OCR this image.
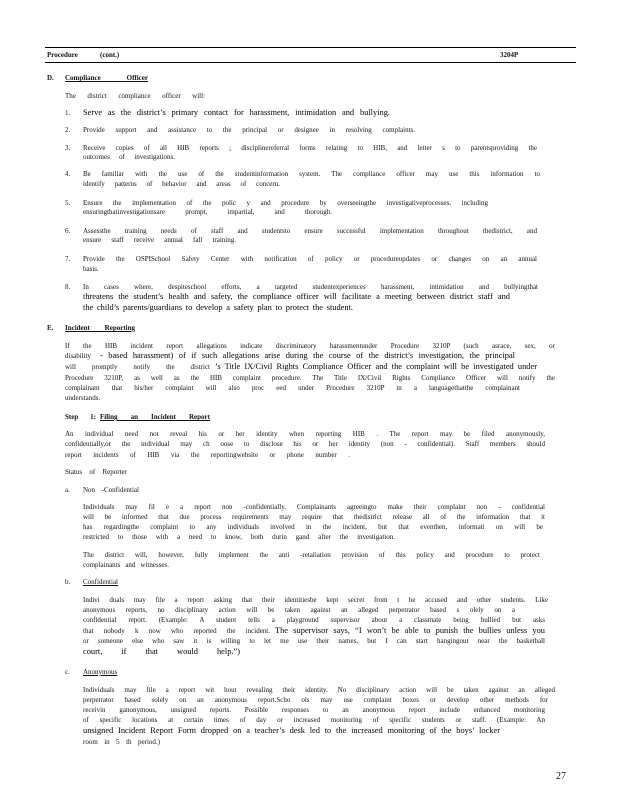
Procedure	(cont.)	3204P
D. Compliance Officer
The district compliance officer will:
1. Serve as the district’s primary contact for harassment, intimidation and bullying.
2. Provide support and assistance to the principal or designee in resolving complaints.
3. Receive copies of all HIB reports ; disciplinereferral forms relating to HIB, and letter s to parentsproviding the
outcomes of investigations.
4. Be familiar with the use of the studentinformation system. The compliance officer may use this information to
identify patterns of behavior and areas of concern.
5. Ensure the implementation of the polic y and procedure by overseeingthe investigativeprocesses, including
ensuringthatinvestigationsare prompt, impartial, and thorough.
6. Assessthe training needs of staff and studentsto ensure successful implementation throughout thedistrict, and
ensure staff receive annual fall training.
7. Provide the OSPISchool Safety Center with notification of policy or procedureupdates or changes on an annual
basis.
8. In cases where, despiteschool efforts, a targeted studentexperiences harassment, intimidation and bullyingthat
threatens the student’s health and safety, the compliance officer will facilitate a meeting between district staff and
the child’s parents/guardians to develop a safety plan to protect the student.
E. Incident Reporting
If the HIB incident report allegations indicate discriminatory harassmentunder Procedure 3210P (such asrace, sex, or
disability	- based harassment) of if such allegations arise during the course of the district’s investigation, the principal
will promptly notify the district ’s Title IX/Civil Rights Compliance Officer and the complaint will be investigated under
Procedure 3210P, as well as the HIB complaint procedure. The Title IX/Civil Rights Compliance Officer will notify the
complainant that his/her complaint will also proc eed under Procedure 3210P in a languagethatthe complainant
understands.
Step 1: Filing an Incident Report
An individual need not reveal his or her identity when reporting HIB . The report may be filed anonymously,
confidentially,or the individual may ch oose to disclose his or her identity (non - confidential). Staff members should
report incidents of HIB via the reportingwebsite or phone number .
Status of Reporter
a. Non -Confidential
Individuals may fil e a report non -confidentially. Complainants agreeingto make their complaint non - confidential
will be informed that due process requirements may require that thedistrict release all of the information that it
has regardingthe complaint to any individuals involved in the incident, but that eventhen, informati on will be
restricted to those with a need to know, both durin gand after the investigation.
The district will, however, fully implement the anti -retaliation provision of this policy and procedure to protect
complainants and witnesses.
b. Confidential
Indivi duals may file a report asking that their identitiesbe kept secret from t he accused and other students. Like
anonymous reports, no disciplinary action will be taken against an alleged perpetrator based s olely on a
confidential report. (Example: A student tells a playground supervisor about a classmate being bullied but asks
that nobody k now who reported the incident. The supervisor says, “I won’t be able to punish the bullies unless you
or someone else who saw it is willing to let me use their names, but I can start hangingout near the basketball
court, if that would help.”)
c. Anonymous
Individuals may file a report wit hout revealing their identity. No disciplinary action will be taken against an alleged
perpetrator based solely on an anonymous report.Scho ols may use complaint boxes or develop other methods for
receivin ganonymous, unsigned reports. Possible responses to an anonymous report include enhanced monitoring
of specific locations at certain times of day or increased monitoring of specific students or staff. (Example: An
unsigned Incident Report Form dropped on a teacher’s desk led to the increased monitoring of the boys’ locker
room in 5 th period.)
27
